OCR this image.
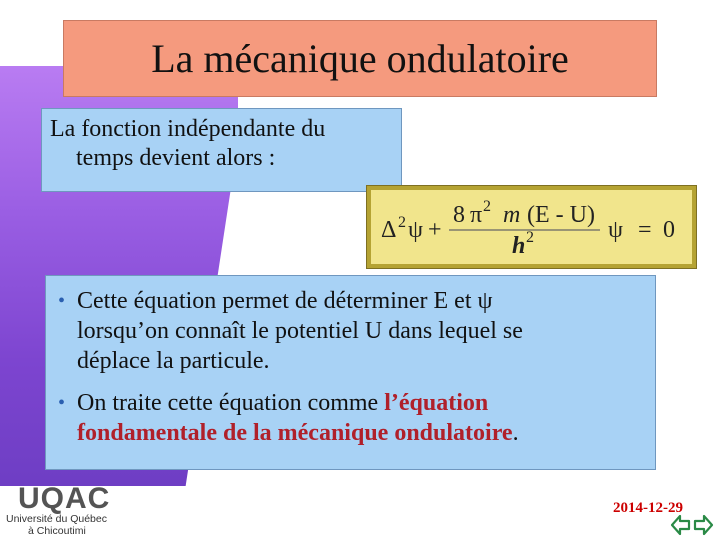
La mécanique ondulatoire
La fonction indépendante du
temps devient alors :
Δ 2 ψ +
8 π 2 m (E - U)
h 2	ψ = 0
• Cette équation permet de déterminer E et ψ
lorsqu’on connaît le potentiel U dans lequel se
déplace la particule.
• On traite cette équation comme l’équation
fondamentale de la mécanique ondulatoire.
UQAC
Université du Québec
à Chicoutimi
2014-12-29
